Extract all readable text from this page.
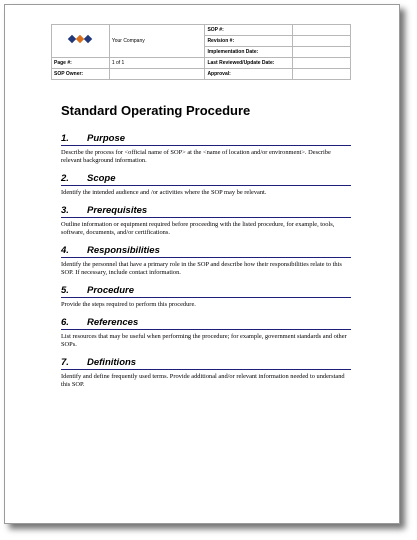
	Your Company	SOP #:	
		Revision #:	
		Implementation Date:	
Page #:	1 of 1	Last Reviewed/Update Date:	
SOP Owner:		Approval:	
Standard Operating Procedure
1.	Purpose

Describe the process for <official name of SOP> at the <name of location and/or environment>. Describe relevant background information.

2.	Scope

Identify the intended audience and /or activities where the SOP may be relevant.

3.	Prerequisites

Outline information or equipment required before proceeding with the listed procedure, for example, tools, software, documents, and/or certifications.

4.	Responsibilities

Identify the personnel that have a primary role in the SOP and describe how their responsibilities relate to this SOP. If necessary, include contact information.

5.	Procedure

Provide the steps required to perform this procedure.

6.	References

List resources that may be useful when performing the procedure; for example, government standards and other SOPs.

7.	Definitions

Identify and define frequently used terms. Provide additional and/or relevant information needed to understand this SOP.
